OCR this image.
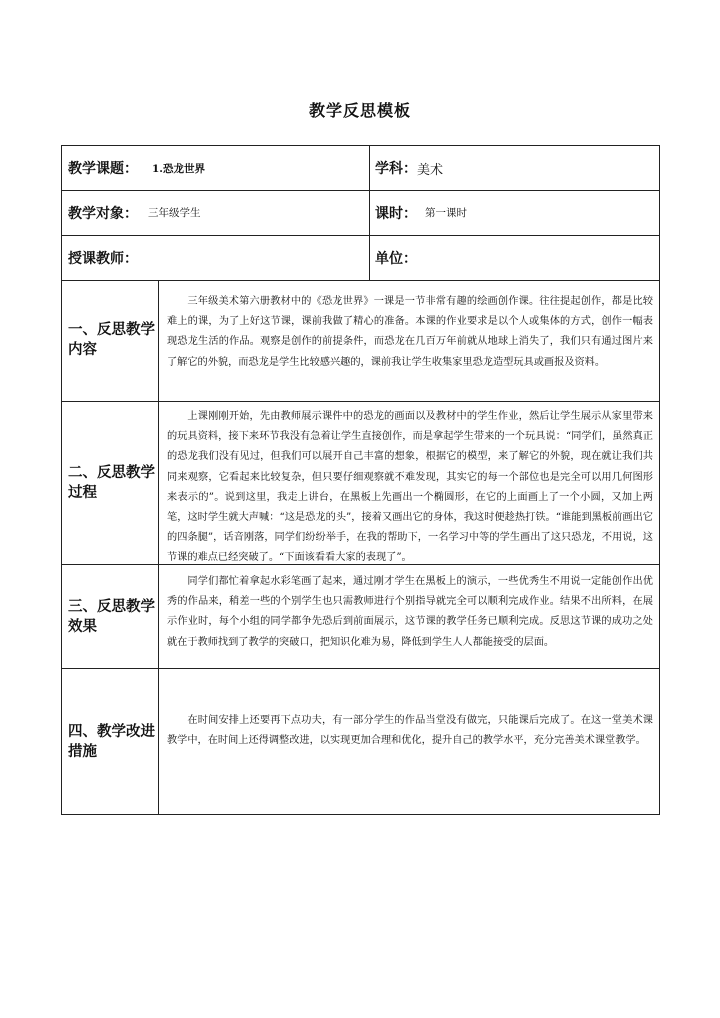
教学反思模板
教学课题： 1.恐龙世界	学科： 美术
教学对象： 三年级学生	课时： 第一课时
授课教师：	单位：
一、反思教学内容

三年级美术第六册教材中的《恐龙世界》一课是一节非常有趣的绘画创作课。往往提起创作，都是比较难上的课，为了上好这节课，课前我做了精心的准备。本课的作业要求是以个人或集体的方式，创作一幅表现恐龙生活的作品。观察是创作的前提条件，而恐龙在几百万年前就从地球上消失了，我们只有通过图片来了解它的外貌，而恐龙是学生比较感兴趣的，课前我让学生收集家里恐龙造型玩具或画报及资料。

二、反思教学过程

上课刚刚开始，先由教师展示课件中的恐龙的画面以及教材中的学生作业，然后让学生展示从家里带来的玩具资料，接下来环节我没有急着让学生直接创作，而是拿起学生带来的一个玩具说：“同学们，虽然真正的恐龙我们没有见过，但我们可以展开自己丰富的想象，根据它的模型，来了解它的外貌，现在就让我们共同来观察，它看起来比较复杂，但只要仔细观察就不难发现，其实它的每一个部位也是完全可以用几何图形来表示的”。说到这里，我走上讲台，在黑板上先画出一个椭圆形，在它的上面画上了一个小圆，又加上两笔，这时学生就大声喊：“这是恐龙的头”，接着又画出它的身体，我这时便趁热打铁。“谁能到黑板前画出它的四条腿”，话音刚落，同学们纷纷举手，在我的帮助下，一名学习中等的学生画出了这只恐龙，不用说，这节课的难点已经突破了。“下面该看看大家的表现了”。

三、反思教学效果

同学们都忙着拿起水彩笔画了起来，通过刚才学生在黑板上的演示，一些优秀生不用说一定能创作出优秀的作品来，稍差一些的个别学生也只需教师进行个别指导就完全可以顺利完成作业。结果不出所料，在展示作业时，每个小组的同学都争先恐后到前面展示，这节课的教学任务已顺利完成。反思这节课的成功之处就在于教师找到了教学的突破口，把知识化难为易，降低到学生人人都能接受的层面。

四、教学改进措施

在时间安排上还要再下点功夫，有一部分学生的作品当堂没有做完，只能课后完成了。在这一堂美术课教学中，在时间上还得调整改进，以实现更加合理和优化，提升自己的教学水平，充分完善美术课堂教学。
